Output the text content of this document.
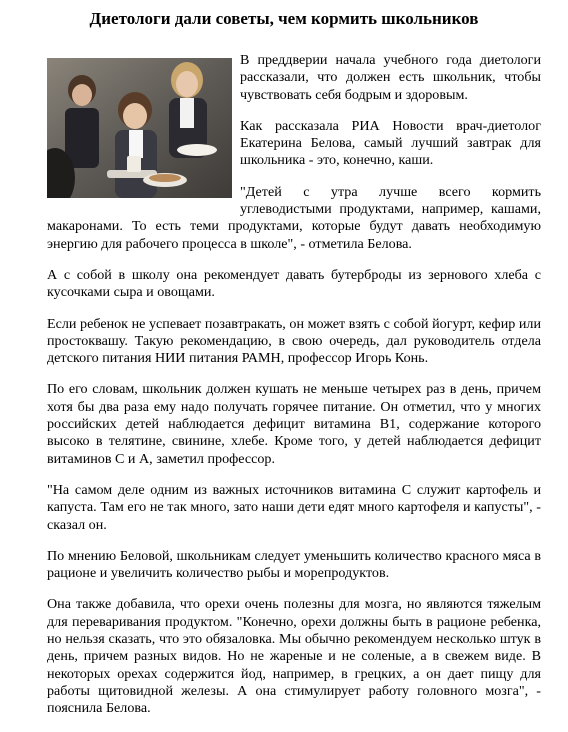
Диетологи дали советы, чем кормить школьников

В преддверии начала учебного года диетологи рассказали, что должен есть школьник, чтобы чувствовать себя бодрым и здоровым.

Как рассказала РИА Новости врач-диетолог Екатерина Белова, самый лучший завтрак для школьника - это, конечно, каши.

"Детей с утра лучше всего кормить углеводистыми продуктами, например, кашами, макаронами. То есть теми продуктами, которые будут давать необходимую энергию для рабочего процесса в школе", - отметила Белова.

А с собой в школу она рекомендует давать бутерброды из зернового хлеба с кусочками сыра и овощами.

Если ребенок не успевает позавтракать, он может взять с собой йогурт, кефир или простоквашу. Такую рекомендацию, в свою очередь, дал руководитель отдела детского питания НИИ питания РАМН, профессор Игорь Конь.

По его словам, школьник должен кушать не меньше четырех раз в день, причем хотя бы два раза ему надо получать горячее питание. Он отметил, что у многих российских детей наблюдается дефицит витамина В1, содержание которого высоко в телятине, свинине, хлебе. Кроме того, у детей наблюдается дефицит витаминов С и А, заметил профессор.

"На самом деле одним из важных источников витамина С служит картофель и капуста. Там его не так много, зато наши дети едят много картофеля и капусты", - сказал он.

По мнению Беловой, школьникам следует уменьшить количество красного мяса в рационе и увеличить количество рыбы и морепродуктов.

Она также добавила, что орехи очень полезны для мозга, но являются тяжелым для переваривания продуктом. "Конечно, орехи должны быть в рационе ребенка, но нельзя сказать, что это обязаловка. Мы обычно рекомендуем несколько штук в день, причем разных видов. Но не жареные и не соленые, а в свежем виде. В некоторых орехах содержится йод, например, в грецких, а он дает пищу для работы щитовидной железы. А она стимулирует работу головного мозга", - пояснила Белова.
